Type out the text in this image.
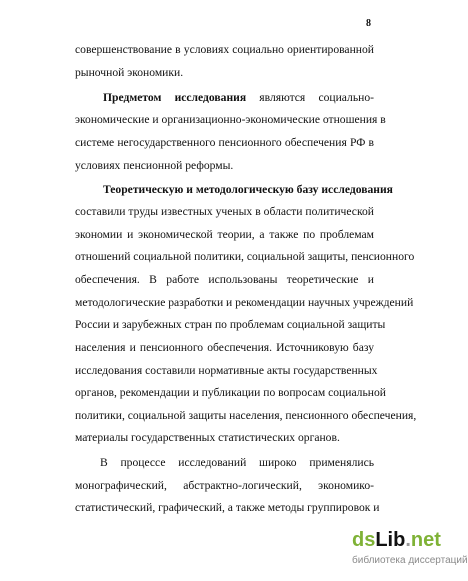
8
совершенствование в условиях социально ориентированной
рыночной экономики.
Предметом исследования являются социально-
экономические и организационно-экономические отношения в
системе негосударственного пенсионного обеспечения РФ в
условиях пенсионной реформы.
Теоретическую и методологическую базу исследования
составили труды известных ученых в области политической
экономии и экономической теории, а также по проблемам
отношений социальной политики, социальной защиты, пенсионного
обеспечения. В работе использованы теоретические и
методологические разработки и рекомендации научных учреждений
России и зарубежных стран по проблемам социальной защиты
населения и пенсионного обеспечения. Источниковую базу
исследования составили нормативные акты государственных
органов, рекомендации и публикации по вопросам социальной
политики, социальной защиты населения, пенсионного обеспечения,
материалы государственных статистических органов.
В процессе исследований широко применялись
монографический, абстрактно-логический, экономико-
статистический, графический, а также методы группировок и
dsLib.net
библиотека диссертаций
